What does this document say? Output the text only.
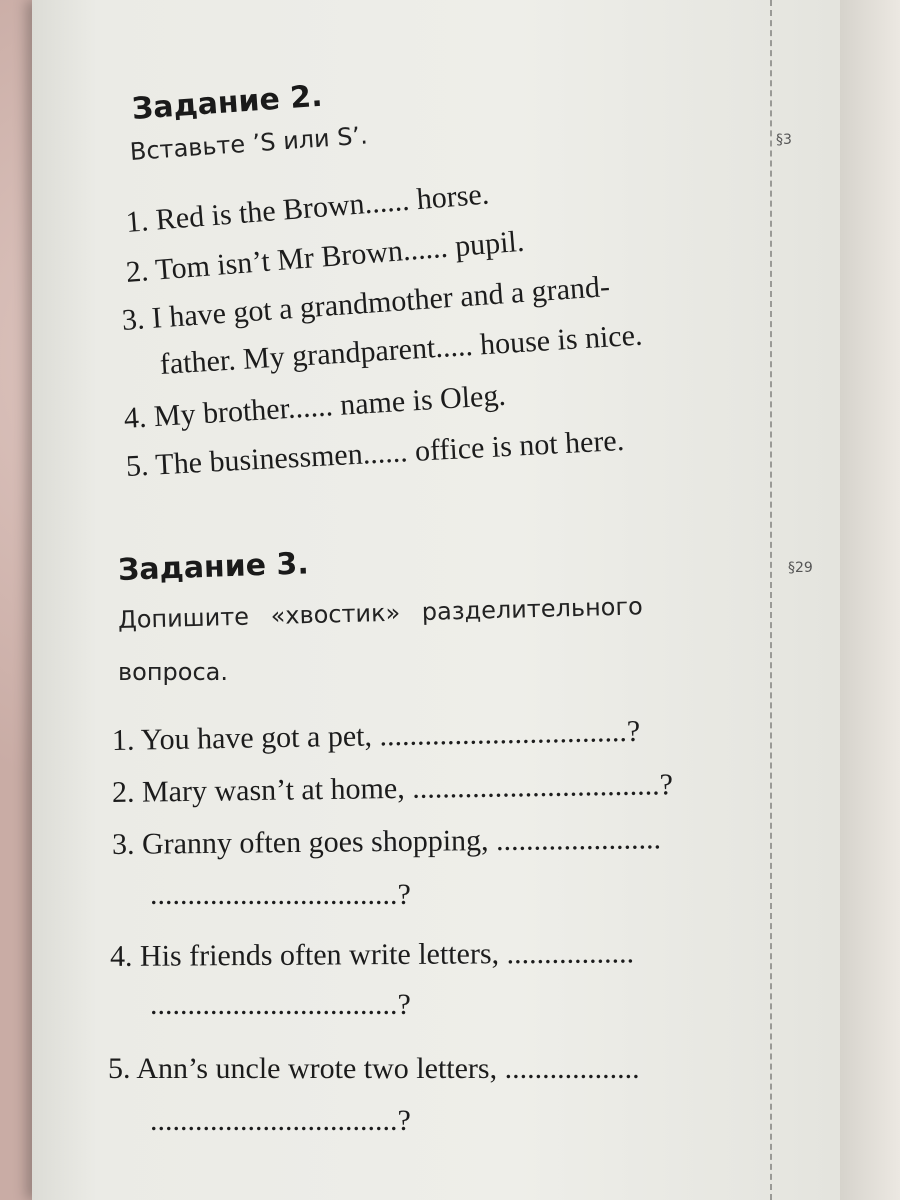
§3
§29
Задание 2.
Вставьте ’S или S’.
1. Red is the Brown...... horse.
2. Tom isn’t Mr Brown...... pupil.
3. I have got a grandmother and a grand-
father. My grandparent..... house is nice.
4. My brother...... name is Oleg.
5. The businessmen...... office is not here.
Задание 3.
Допишите «хвостик» разделительного
вопроса.
1. You have got a pet, .................................?
2. Mary wasn’t at home, .................................?
3. Granny often goes shopping, ......................
.................................?
4. His friends often write letters, .................
.................................?
5. Ann’s uncle wrote two letters, ..................
.................................?
